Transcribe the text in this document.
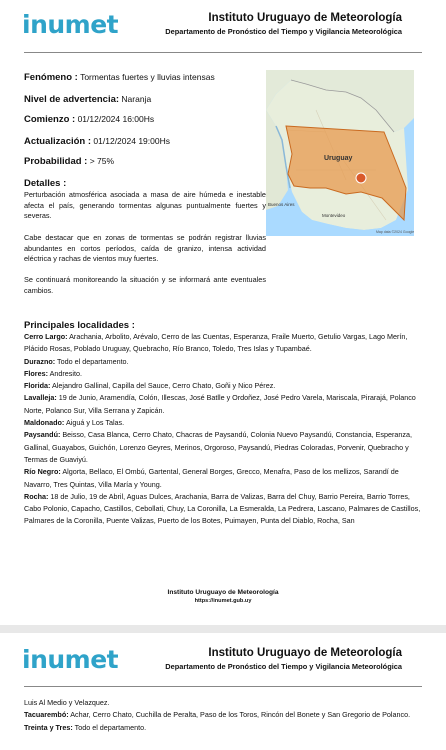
inumet	Instituto Uruguayo de Meteorología
Departamento de Pronóstico del Tiempo y Vigilancia Meteorológica
Fenómeno : Tormentas fuertes y lluvias intensas
Nivel de advertencia: Naranja
Comienzo : 01/12/2024 16:00Hs
Actualización : 01/12/2024 19:00Hs
Probabilidad : > 75%	Uruguay
Buenos Aires
Montevideo
Map data ©2024 Google
Detalles :
Perturbación atmosférica asociada a masa de aire húmeda e inestable afecta el país, generando tormentas algunas puntualmente fuertes y severas.
Cabe destacar que en zonas de tormentas se podrán registrar lluvias abundantes en cortos períodos, caída de granizo, intensa actividad eléctrica y rachas de vientos muy fuertes.
Se continuará monitoreando la situación y se informará ante eventuales cambios.
Principales localidades :

Cerro Largo: Arachania, Arbolito, Arévalo, Cerro de las Cuentas, Esperanza, Fraile Muerto, Getulio Vargas, Lago Merín, Plácido Rosas, Poblado Uruguay, Quebracho, Río Branco, Toledo, Tres Islas y Tupambaé.

Durazno: Todo el departamento.

Flores: Andresito.

Florida: Alejandro Gallinal, Capilla del Sauce, Cerro Chato, Goñi y Nico Pérez.

Lavalleja: 19 de Junio, Aramendía, Colón, Illescas, José Batlle y Ordoñez, José Pedro Varela, Mariscala, Pirarajá, Polanco Norte, Polanco Sur, Villa Serrana y Zapicán.

Maldonado: Aiguá y Los Talas.

Paysandú: Beisso, Casa Blanca, Cerro Chato, Chacras de Paysandú, Colonia Nuevo Paysandú, Constancia, Esperanza, Gallinal, Guayabos, Guichón, Lorenzo Geyres, Merinos, Orgoroso, Paysandú, Piedras Coloradas, Porvenir, Quebracho y Termas de Guaviyú.

Río Negro: Algorta, Bellaco, El Ombú, Gartental, General Borges, Grecco, Menafra, Paso de los mellizos, Sarandí de Navarro, Tres Quintas, Villa María y Young.

Rocha: 18 de Julio, 19 de Abril, Aguas Dulces, Arachania, Barra de Valizas, Barra del Chuy, Barrio Pereira, Barrio Torres, Cabo Polonio, Capacho, Castillos, Cebollati, Chuy, La Coronilla, La Esmeralda, La Pedrera, Lascano, Palmares de Castillos, Palmares de la Coronilla, Puente Valizas, Puerto de los Botes, Puimayen, Punta del Diablo, Rocha, San

Instituto Uruguayo de Meteorología
https://inumet.gub.uy
inumet	Instituto Uruguayo de Meteorología
Departamento de Pronóstico del Tiempo y Vigilancia Meteorológica

Luis Al Medio y Velazquez.

Tacuarembó: Achar, Cerro Chato, Cuchilla de Peralta, Paso de los Toros, Rincón del Bonete y San Gregorio de Polanco.

Treinta y Tres: Todo el departamento.
